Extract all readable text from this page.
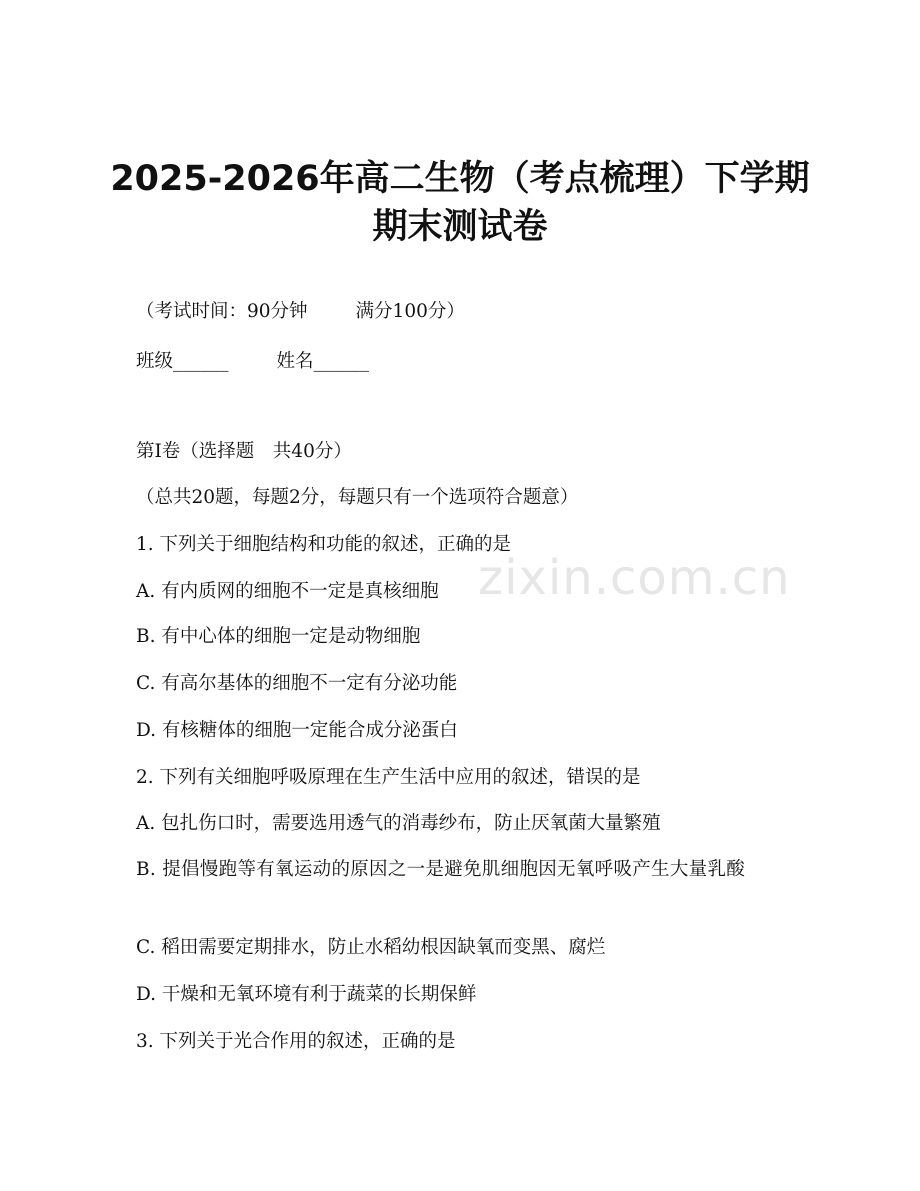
zixin.com.cn
2025-2026年高二生物（考点梳理）下学期
期末测试卷
（考试时间：90分钟	满分100分）
班级______	姓名______
第Ⅰ卷（选择题　共40分）
（总共20题，每题2分，每题只有一个选项符合题意）
1. 下列关于细胞结构和功能的叙述，正确的是
A. 有内质网的细胞不一定是真核细胞
B. 有中心体的细胞一定是动物细胞
C. 有高尔基体的细胞不一定有分泌功能
D. 有核糖体的细胞一定能合成分泌蛋白
2. 下列有关细胞呼吸原理在生产生活中应用的叙述，错误的是
A. 包扎伤口时，需要选用透气的消毒纱布，防止厌氧菌大量繁殖
B. 提倡慢跑等有氧运动的原因之一是避免肌细胞因无氧呼吸产生大量乳酸
C. 稻田需要定期排水，防止水稻幼根因缺氧而变黑、腐烂
D. 干燥和无氧环境有利于蔬菜的长期保鲜
3. 下列关于光合作用的叙述，正确的是
